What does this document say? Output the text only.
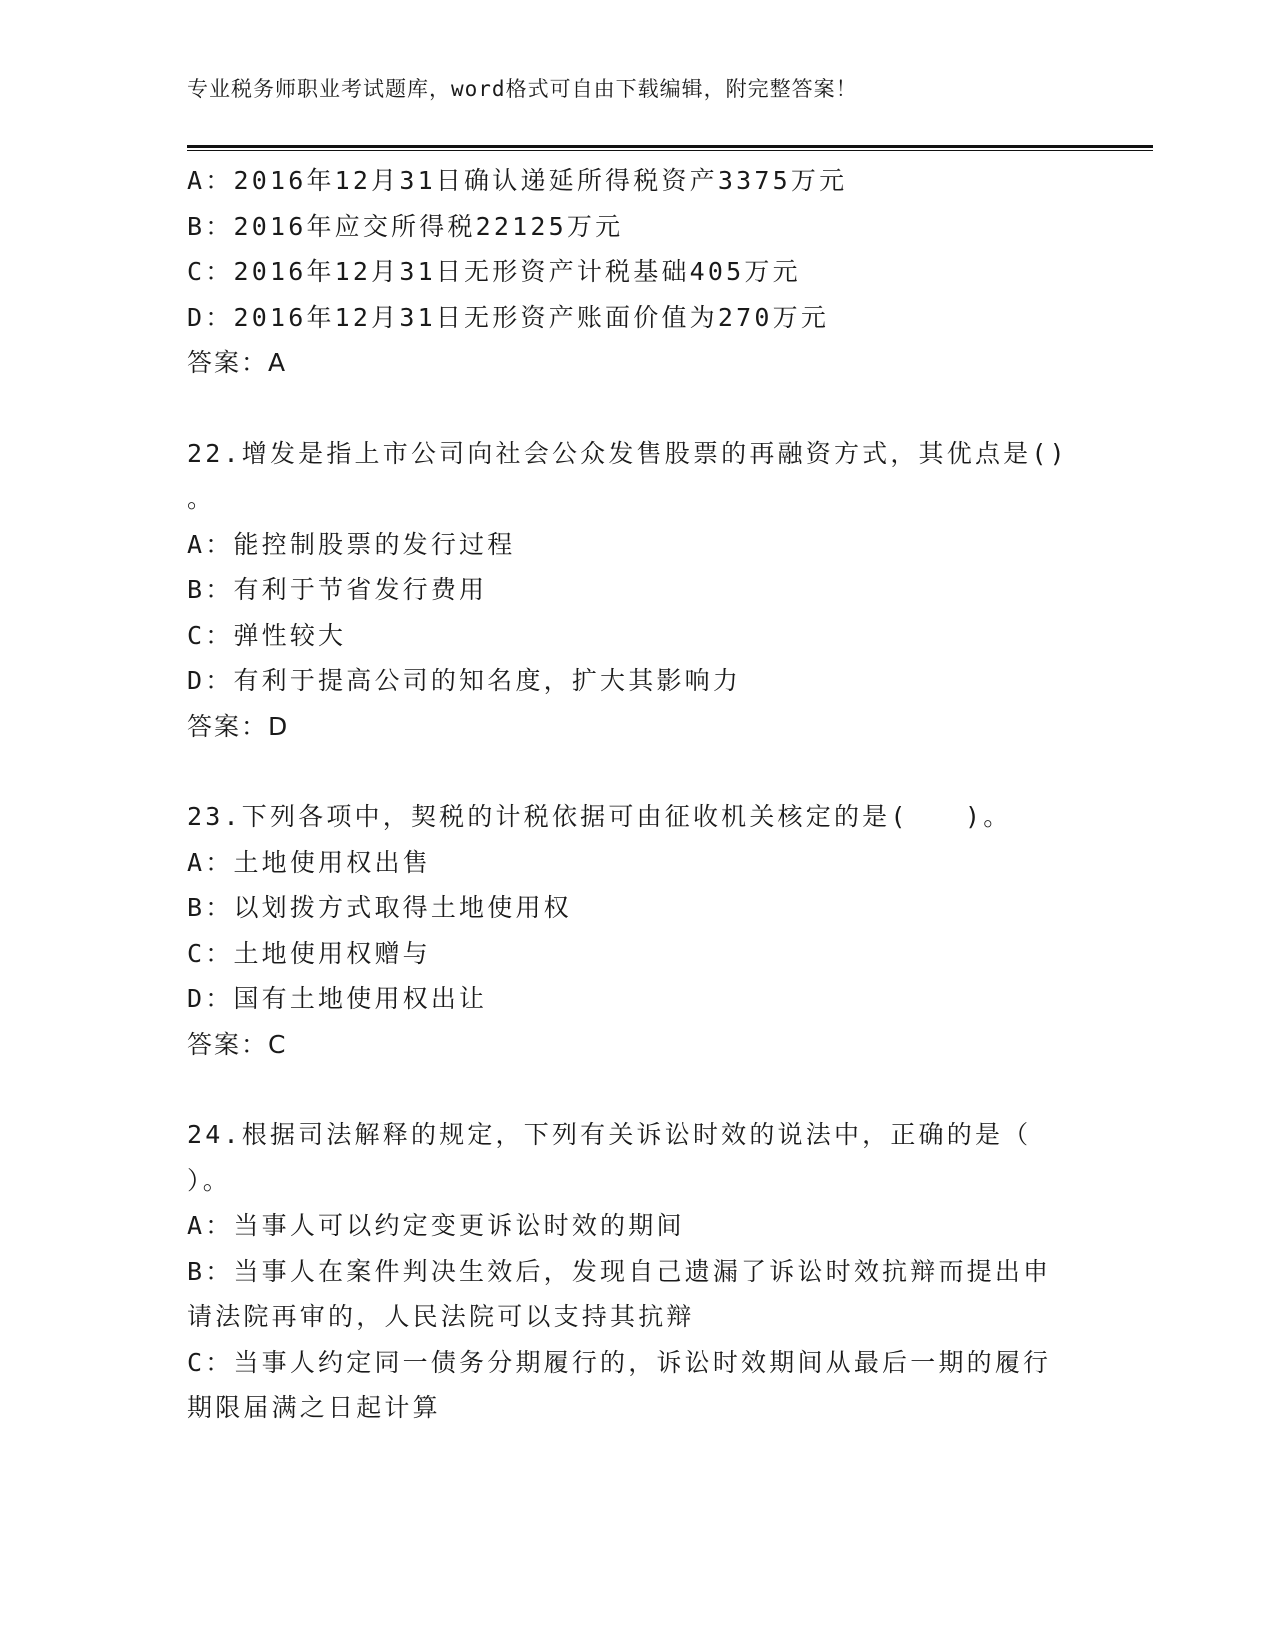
专业税务师职业考试题库，word格式可自由下载编辑，附完整答案！
A：2016年12月31日确认递延所得税资产3375万元
B：2016年应交所得税22125万元
C：2016年12月31日无形资产计税基础405万元
D：2016年12月31日无形资产账面价值为270万元
答案：A
22.增发是指上市公司向社会公众发售股票的再融资方式，其优点是()
。
A：能控制股票的发行过程
B：有利于节省发行费用
C：弹性较大
D：有利于提高公司的知名度，扩大其影响力
答案：D
23.下列各项中，契税的计税依据可由征收机关核定的是(　　)。
A：土地使用权出售
B：以划拨方式取得土地使用权
C：土地使用权赠与
D：国有土地使用权出让
答案：C
24.根据司法解释的规定，下列有关诉讼时效的说法中，正确的是（
）。
A：当事人可以约定变更诉讼时效的期间
B：当事人在案件判决生效后，发现自己遗漏了诉讼时效抗辩而提出申
请法院再审的，人民法院可以支持其抗辩
C：当事人约定同一债务分期履行的，诉讼时效期间从最后一期的履行
期限届满之日起计算
